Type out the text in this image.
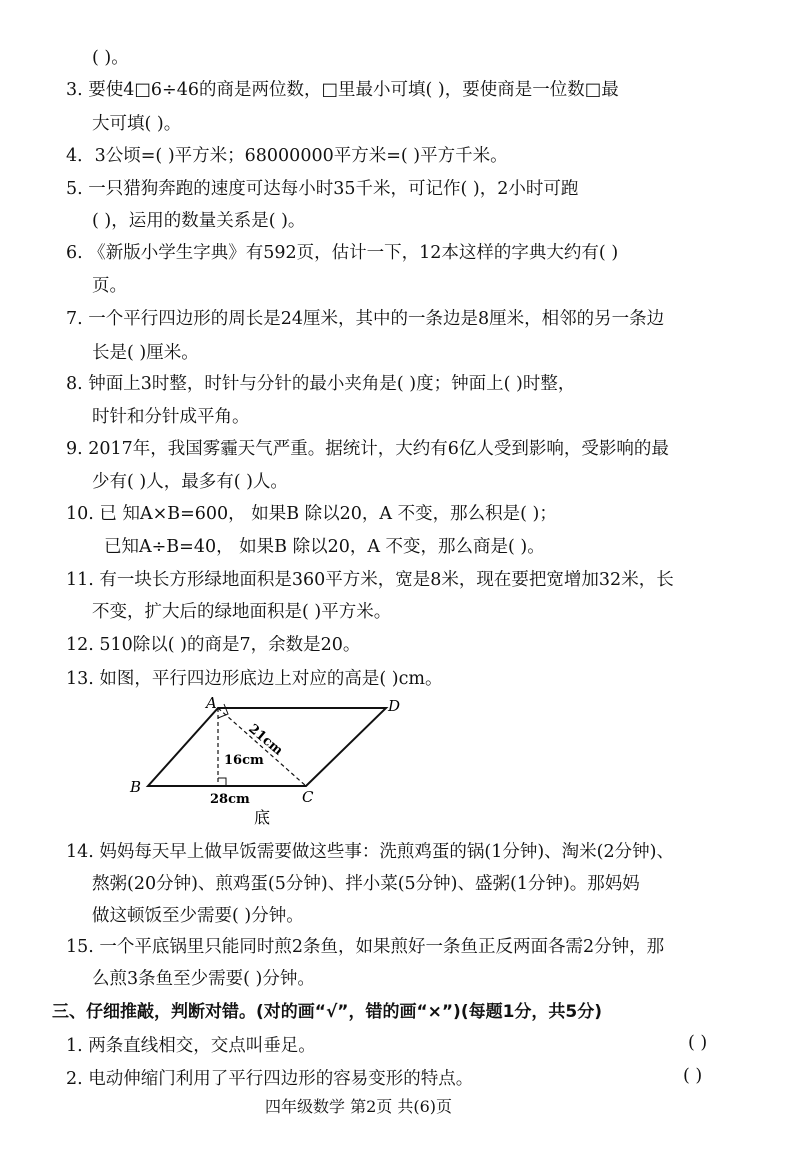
( )。
3. 要使4□6÷46的商是两位数，□里最小可填( )，要使商是一位数□最
大可填( )。
4．3公顷=( )平方米；68000000平方米=( )平方千米。
5. 一只猎狗奔跑的速度可达每小时35千米，可记作( )，2小时可跑
( )，运用的数量关系是( )。
6. 《新版小学生字典》有592页，估计一下，12本这样的字典大约有( )
页。
7. 一个平行四边形的周长是24厘米，其中的一条边是8厘米，相邻的另一条边
长是( )厘米。
8. 钟面上3时整，时针与分针的最小夹角是( )度；钟面上( )时整，
时针和分针成平角。
9. 2017年，我国雾霾天气严重。据统计，大约有6亿人受到影响，受影响的最
少有( )人，最多有( )人。
10. 已 知A×B=600， 如果B 除以20，A 不变，那么积是( )；
已知A÷B=40， 如果B 除以20，A 不变，那么商是( )。
11. 有一块长方形绿地面积是360平方米，宽是8米，现在要把宽增加32米，长
不变，扩大后的绿地面积是( )平方米。
12. 510除以( )的商是7，余数是20。
13. 如图，平行四边形底边上对应的高是( )cm。
A	D
B
C
21cm
16cm
28cm
底
14. 妈妈每天早上做早饭需要做这些事：洗煎鸡蛋的锅(1分钟)、淘米(2分钟)、
熬粥(20分钟)、煎鸡蛋(5分钟)、拌小菜(5分钟)、盛粥(1分钟)。那妈妈
做这顿饭至少需要( )分钟。
15. 一个平底锅里只能同时煎2条鱼，如果煎好一条鱼正反两面各需2分钟，那
么煎3条鱼至少需要( )分钟。
三、仔细推敲，判断对错。(对的画“√”，错的画“×”)(每题1分，共5分)
1. 两条直线相交，交点叫垂足。	( )
2. 电动伸缩门利用了平行四边形的容易变形的特点。	( )
四年级数学 第2页 共(6)页
